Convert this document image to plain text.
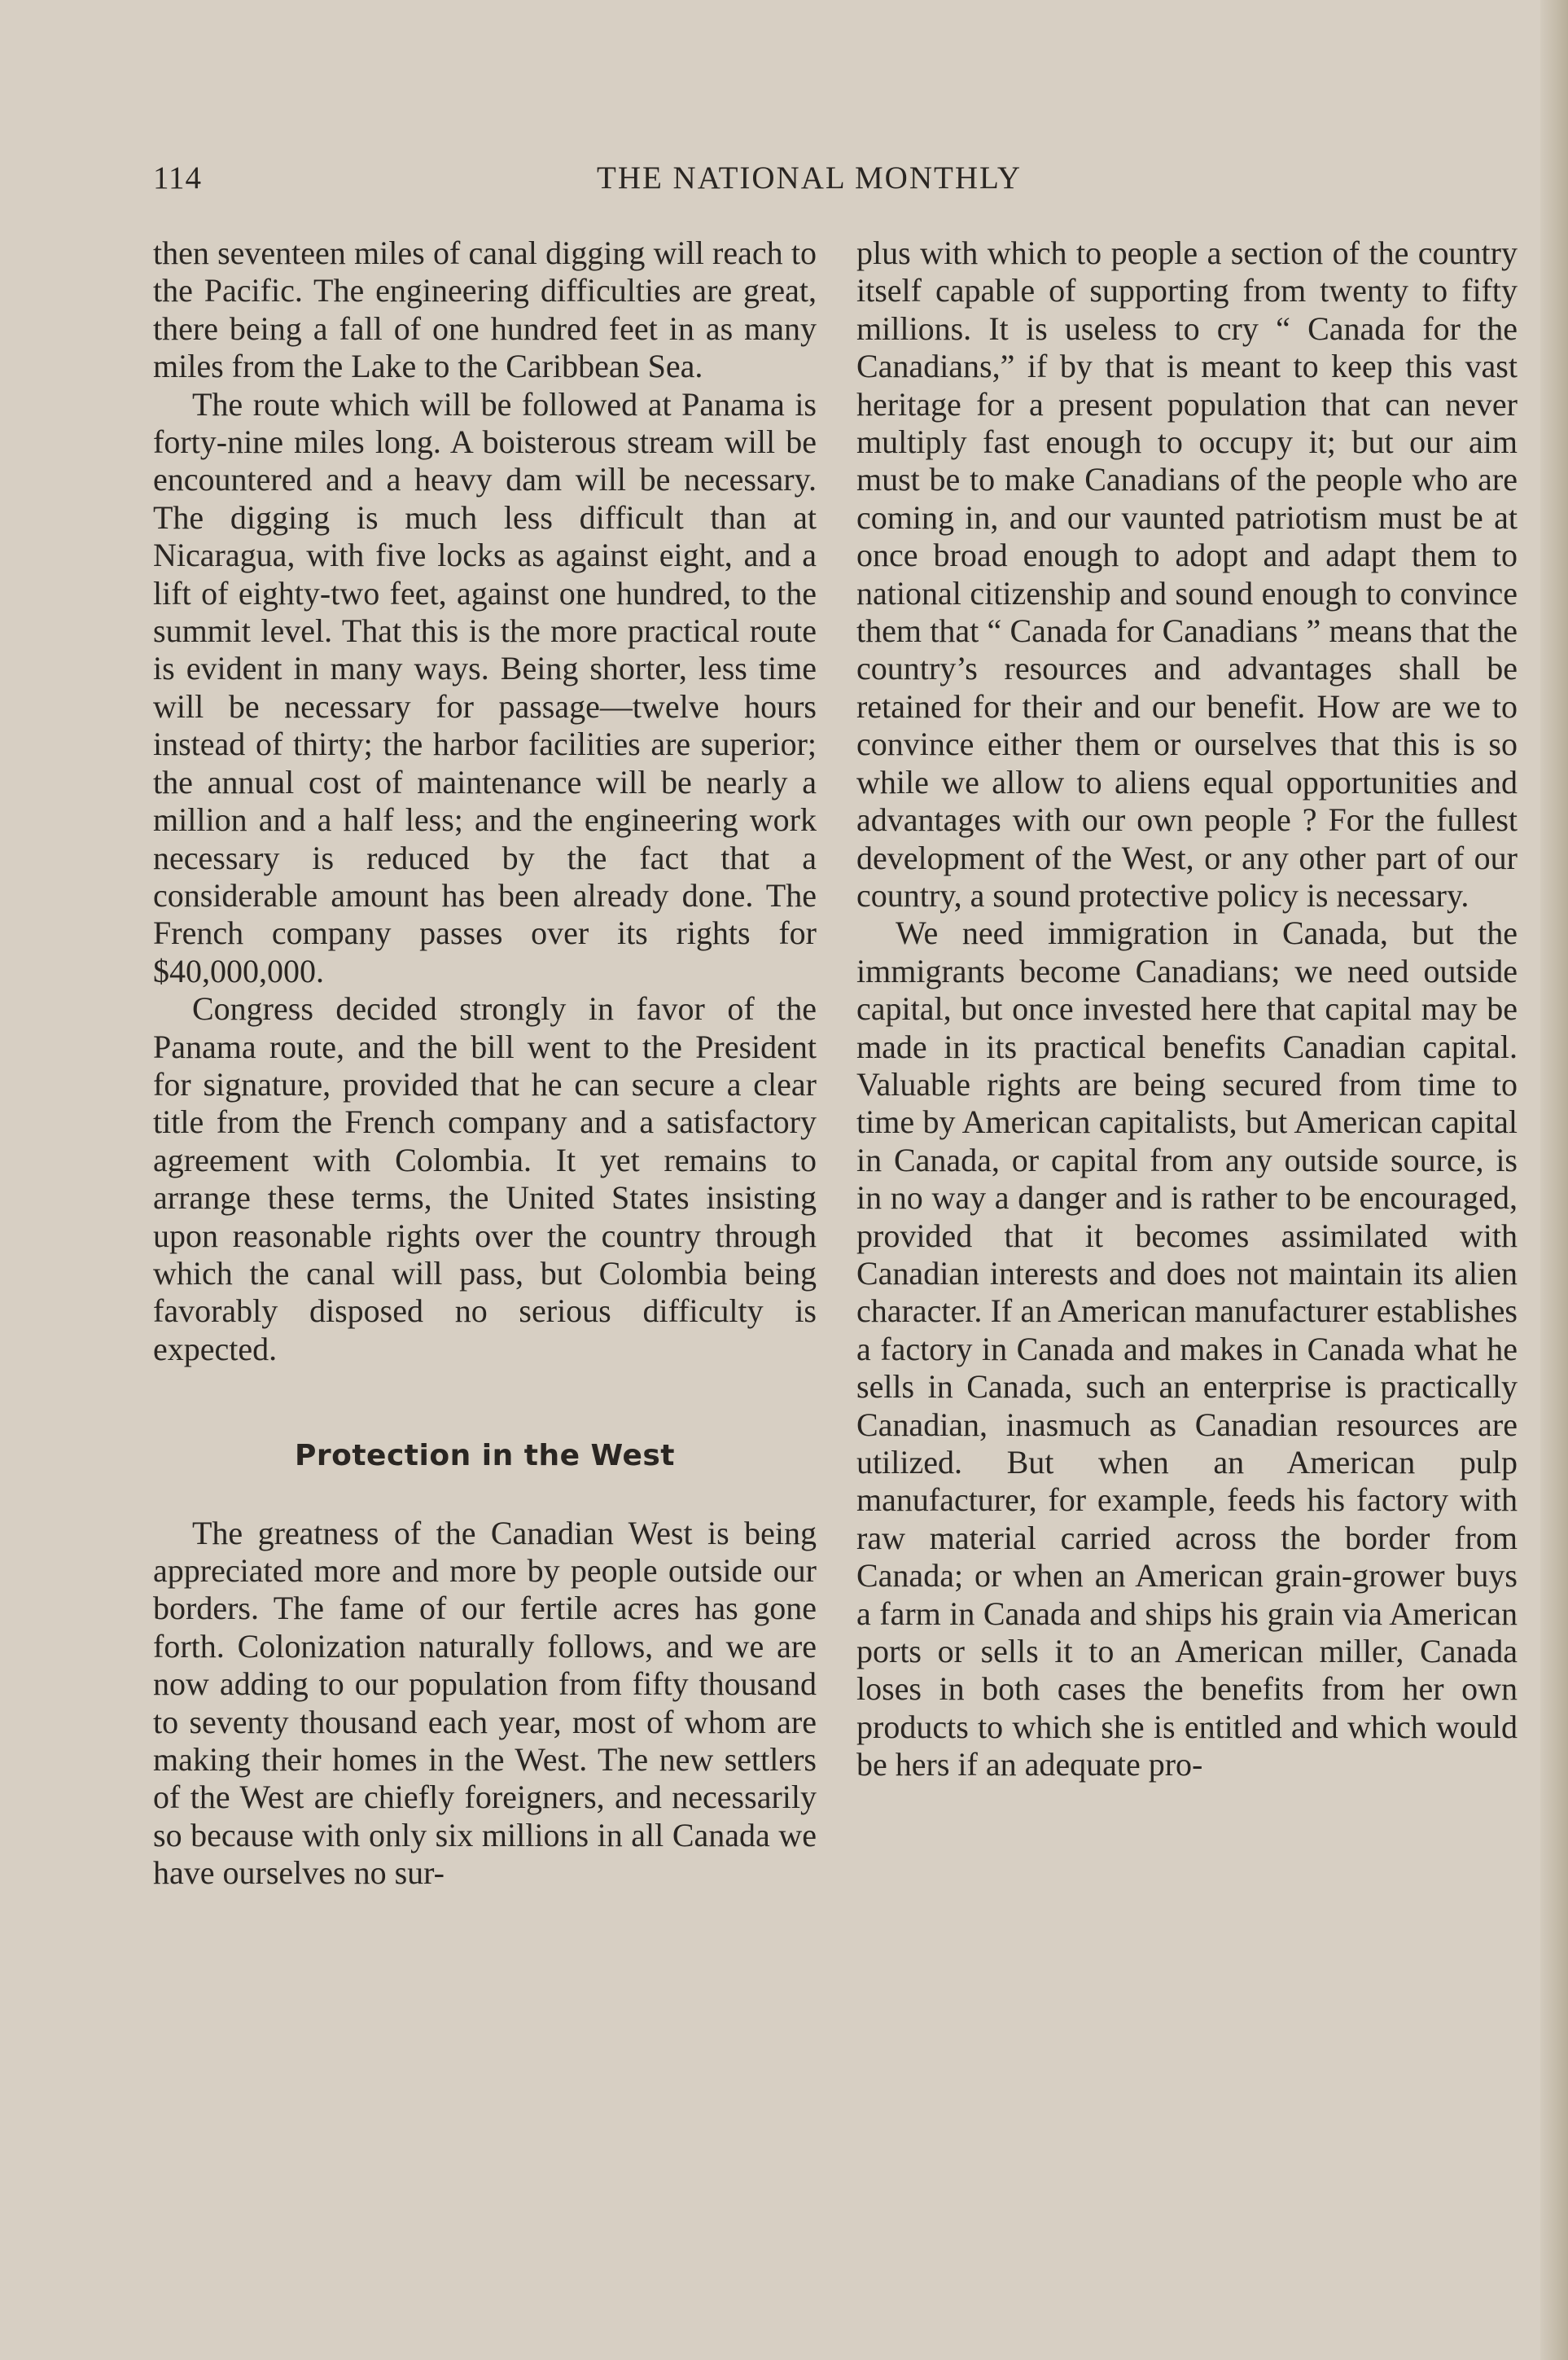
114	THE NATIONAL MONTHLY

then seventeen miles of canal digging will reach to the Pacific. The engineering difficulties are great, there being a fall of one hundred feet in as many miles from the Lake to the Caribbean Sea.

The route which will be followed at Panama is forty-nine miles long. A boisterous stream will be encountered and a heavy dam will be necessary. The digging is much less difficult than at Nicaragua, with five locks as against eight, and a lift of eighty-two feet, against one hundred, to the summit level. That this is the more practical route is evident in many ways. Being shorter, less time will be necessary for passage—twelve hours instead of thirty; the harbor facilities are superior; the annual cost of maintenance will be nearly a million and a half less; and the engineering work necessary is reduced by the fact that a considerable amount has been already done. The French company passes over its rights for $40,000,000.

Congress decided strongly in favor of the Panama route, and the bill went to the President for signature, provided that he can secure a clear title from the French company and a satisfactory agreement with Colombia. It yet remains to arrange these terms, the United States insisting upon reasonable rights over the country through which the canal will pass, but Colombia being favorably disposed no serious difficulty is expected.

Protection in the West

The greatness of the Canadian West is being appreciated more and more by people outside our borders. The fame of our fertile acres has gone forth. Colonization naturally follows, and we are now adding to our population from fifty thousand to seventy thousand each year, most of whom are making their homes in the West. The new settlers of the West are chiefly foreigners, and necessarily so because with only six millions in all Canada we have ourselves no sur-

plus with which to people a section of the country itself capable of supporting from twenty to fifty millions. It is useless to cry “ Canada for the Canadians,” if by that is meant to keep this vast heritage for a present population that can never multiply fast enough to occupy it; but our aim must be to make Canadians of the people who are coming in, and our vaunted patriotism must be at once broad enough to adopt and adapt them to national citizenship and sound enough to convince them that “ Canada for Canadians ” means that the country’s resources and advantages shall be retained for their and our benefit. How are we to convince either them or ourselves that this is so while we allow to aliens equal opportunities and advantages with our own people ? For the fullest development of the West, or any other part of our country, a sound protective policy is necessary.

We need immigration in Canada, but the immigrants become Canadians; we need outside capital, but once invested here that capital may be made in its practical benefits Canadian capital. Valuable rights are being secured from time to time by American capitalists, but American capital in Canada, or capital from any outside source, is in no way a danger and is rather to be encouraged, provided that it becomes assimilated with Canadian interests and does not maintain its alien character. If an American manufacturer establishes a factory in Canada and makes in Canada what he sells in Canada, such an enterprise is practically Canadian, inasmuch as Canadian resources are utilized. But when an American pulp manufacturer, for example, feeds his factory with raw material carried across the border from Canada; or when an American grain-grower buys a farm in Canada and ships his grain via American ports or sells it to an American miller, Canada loses in both cases the benefits from her own products to which she is entitled and which would be hers if an adequate pro-
